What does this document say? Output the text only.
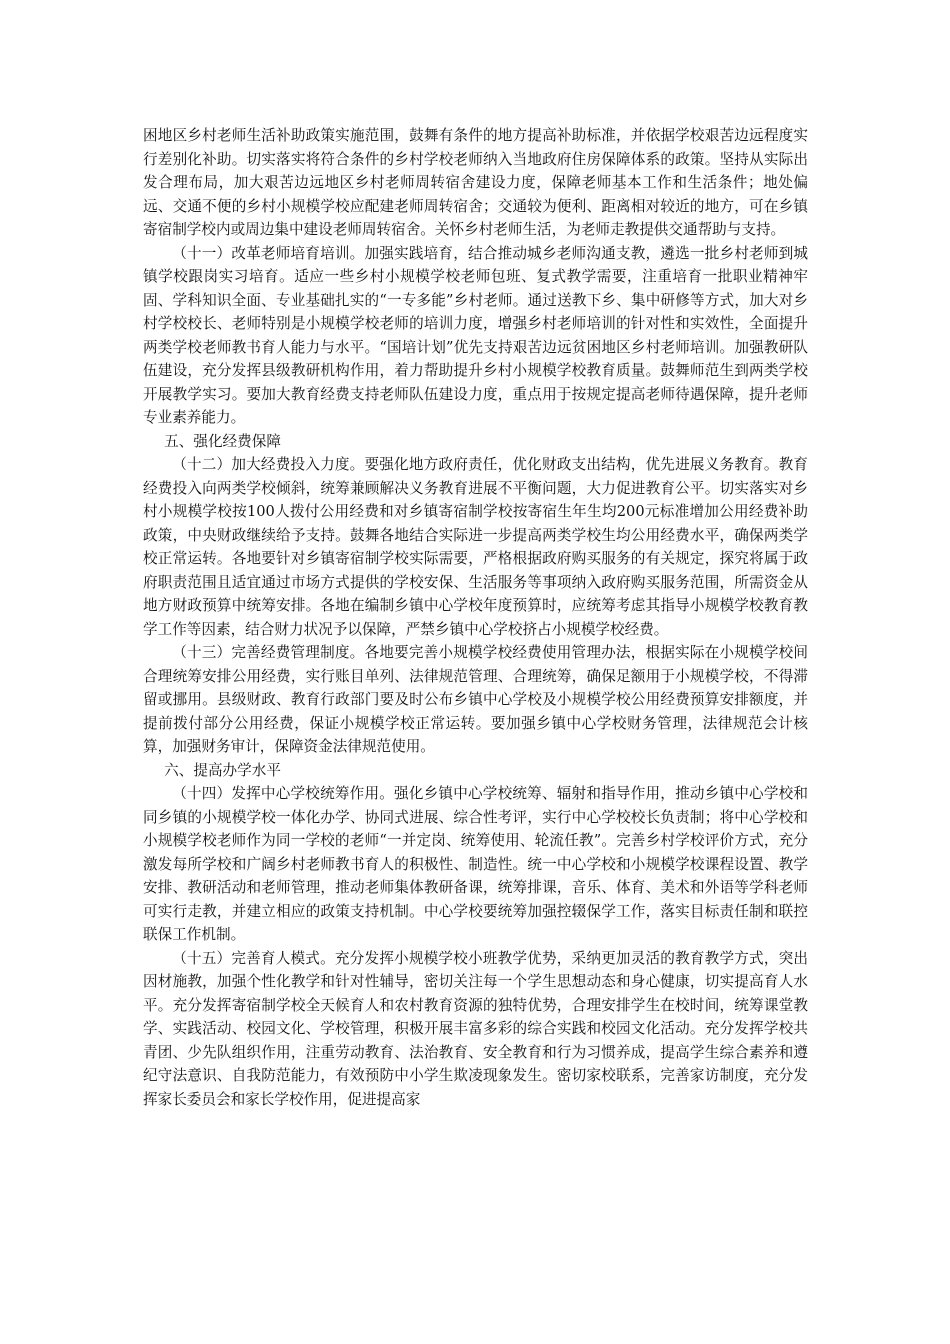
困地区乡村老师生活补助政策实施范围，鼓舞有条件的地方提高补助标准，并依据学校艰苦边远程度实行差别化补助。切实落实将符合条件的乡村学校老师纳入当地政府住房保障体系的政策。坚持从实际出发合理布局，加大艰苦边远地区乡村老师周转宿舍建设力度，保障老师基本工作和生活条件；地处偏远、交通不便的乡村小规模学校应配建老师周转宿舍；交通较为便利、距离相对较近的地方，可在乡镇寄宿制学校内或周边集中建设老师周转宿舍。关怀乡村老师生活，为老师走教提供交通帮助与支持。

（十一）改革老师培育培训。加强实践培育，结合推动城乡老师沟通支教，遴选一批乡村老师到城镇学校跟岗实习培育。适应一些乡村小规模学校老师包班、复式教学需要，注重培育一批职业精神牢固、学科知识全面、专业基础扎实的“一专多能”乡村老师。通过送教下乡、集中研修等方式，加大对乡村学校校长、老师特别是小规模学校老师的培训力度，增强乡村老师培训的针对性和实效性，全面提升两类学校老师教书育人能力与水平。“国培计划”优先支持艰苦边远贫困地区乡村老师培训。加强教研队伍建设，充分发挥县级教研机构作用，着力帮助提升乡村小规模学校教育质量。鼓舞师范生到两类学校开展教学实习。要加大教育经费支持老师队伍建设力度，重点用于按规定提高老师待遇保障，提升老师专业素养能力。

五、强化经费保障

（十二）加大经费投入力度。要强化地方政府责任，优化财政支出结构，优先进展义务教育。教育经费投入向两类学校倾斜，统筹兼顾解决义务教育进展不平衡问题，大力促进教育公平。切实落实对乡村小规模学校按100人拨付公用经费和对乡镇寄宿制学校按寄宿生年生均200元标准增加公用经费补助政策，中央财政继续给予支持。鼓舞各地结合实际进一步提高两类学校生均公用经费水平，确保两类学校正常运转。各地要针对乡镇寄宿制学校实际需要，严格根据政府购买服务的有关规定，探究将属于政府职责范围且适宜通过市场方式提供的学校安保、生活服务等事项纳入政府购买服务范围，所需资金从地方财政预算中统筹安排。各地在编制乡镇中心学校年度预算时，应统筹考虑其指导小规模学校教育教学工作等因素，结合财力状况予以保障，严禁乡镇中心学校挤占小规模学校经费。

（十三）完善经费管理制度。各地要完善小规模学校经费使用管理办法，根据实际在小规模学校间合理统筹安排公用经费，实行账目单列、法律规范管理、合理统筹，确保足额用于小规模学校，不得滞留或挪用。县级财政、教育行政部门要及时公布乡镇中心学校及小规模学校公用经费预算安排额度，并提前拨付部分公用经费，保证小规模学校正常运转。要加强乡镇中心学校财务管理，法律规范会计核算，加强财务审计，保障资金法律规范使用。

六、提高办学水平

（十四）发挥中心学校统筹作用。强化乡镇中心学校统筹、辐射和指导作用，推动乡镇中心学校和同乡镇的小规模学校一体化办学、协同式进展、综合性考评，实行中心学校校长负责制；将中心学校和小规模学校老师作为同一学校的老师“一并定岗、统筹使用、轮流任教”。完善乡村学校评价方式，充分激发每所学校和广阔乡村老师教书育人的积极性、制造性。统一中心学校和小规模学校课程设置、教学安排、教研活动和老师管理，推动老师集体教研备课，统筹排课，音乐、体育、美术和外语等学科老师可实行走教，并建立相应的政策支持机制。中心学校要统筹加强控辍保学工作，落实目标责任制和联控联保工作机制。

（十五）完善育人模式。充分发挥小规模学校小班教学优势，采纳更加灵活的教育教学方式，突出因材施教，加强个性化教学和针对性辅导，密切关注每一个学生思想动态和身心健康，切实提高育人水平。充分发挥寄宿制学校全天候育人和农村教育资源的独特优势，合理安排学生在校时间，统筹课堂教学、实践活动、校园文化、学校管理，积极开展丰富多彩的综合实践和校园文化活动。充分发挥学校共青团、少先队组织作用，注重劳动教育、法治教育、安全教育和行为习惯养成，提高学生综合素养和遵纪守法意识、自我防范能力，有效预防中小学生欺凌现象发生。密切家校联系，完善家访制度，充分发挥家长委员会和家长学校作用，促进提高家
